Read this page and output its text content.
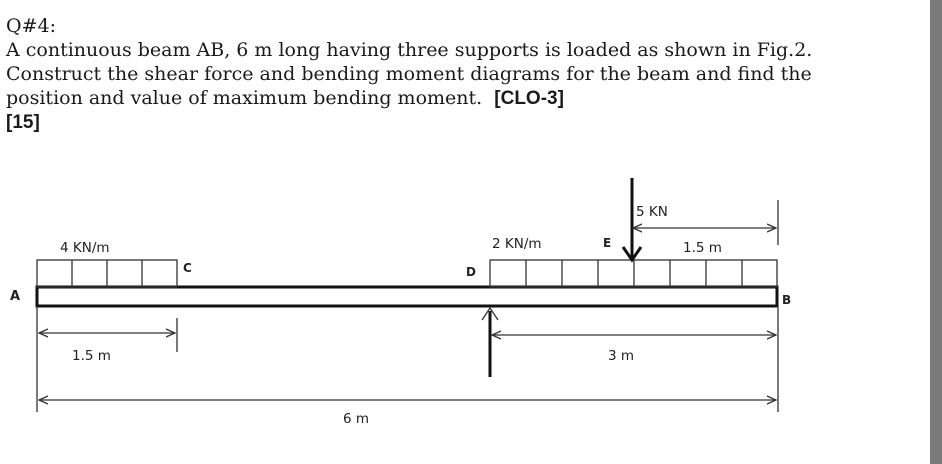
Q#4:
A continuous beam AB, 6 m long having three supports is loaded as shown in Fig.2.
Construct the shear force and bending moment diagrams for the beam and find the
position and value of maximum bending moment. [CLO-3]
[15]
A	B
C	D
E
4 KN/m	2 KN/m
5 KN
1.5 m
1.5 m	3 m
6 m
